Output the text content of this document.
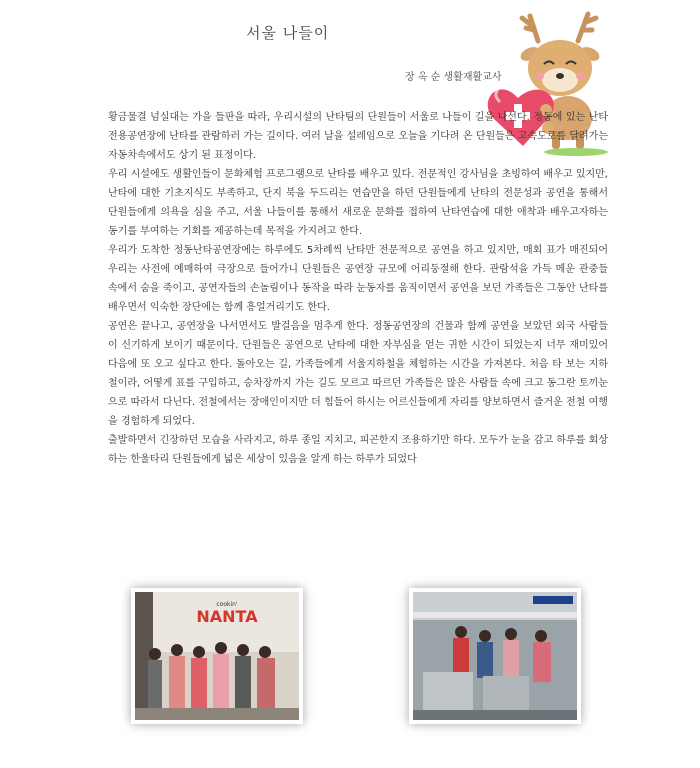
서울 나들이
장 옥 순 생활재활교사

황금물결 넘실대는 가을 들판을 따라, 우리시설의 난타팀의 단원들이 서울로 나들이 길을 나선다. 정동에 있는 난타전용공연장에 난타를 관람하러 가는 길이다. 여러 날을 설레임으로 오늘을 기다려 온 단원들은 고속도로를 달려가는 자동차속에서도 상기 된 표정이다.

우리 시설에도 생활인들이 문화체험 프로그램으로 난타를 배우고 있다. 전문적인 강사님을 초빙하여 배우고 있지만, 난타에 대한 기초지식도 부족하고, 단지 북을 두드리는 연습만을 하던 단원들에게 난타의 전문성과 공연을 통해서 단원들에게 의욕을 심을 주고, 서울 나들이를 통해서 새로운 문화를 접하여 난타연습에 대한 애착과 배우고자하는 동기를 부여하는 기회를 제공하는데 목적을 가지려고 한다.

우리가 도착한 정동난타공연장에는 하루에도 5차례씩 난타만 전문적으로 공연을 하고 있지만, 매회 표가 매진되어 우리는 사전에 예매하여 극장으로 들어가니 단원들은 공연장 규모에 어리둥절해 한다. 관람석을 가득 메운 관중들 속에서 숨을 죽이고, 공연자들의 손놀림이나 동작을 따라 눈동자를 움직이면서 공연을 보던 가족들은 그동안 난타를 배우면서 익숙한 장단에는 함께 흥얼거리기도 한다.

공연은 끝나고, 공연장을 나서면서도 발걸음을 멈추게 한다. 정동공연장의 건물과 함께 공연을 보았던 외국 사람들이 신기하게 보이기 때문이다. 단원들은 공연으로 난타에 대한 자부심을 얻는 귀한 시간이 되었는지 너무 재미있어 다음에 또 오고 싶다고 한다. 돌아오는 길, 가족들에게 서울지하철을 체험하는 시간을 가져본다. 처음 타 보는 지하철이라, 어떻게 표를 구입하고, 승차장까지 가는 길도 모르고 따르던 가족들은 많은 사람들 속에 크고 동그란 토끼눈으로 따라서 다닌다. 전철에서는 장애인이지만 더 힘들어 하시는 어르신들에게 자리를 양보하면서 즐거운 전철 여행을 경험하게 되었다.

출발하면서 긴장하던 모습을 사라지고, 하루 종일 지치고, 피곤한지 조용하기만 하다. 모두가 눈을 감고 하루를 회상하는 한울타리 단원들에게 넓은 세상이 있음을 알게 하는 하루가 되었다

cookin'
NANTA
